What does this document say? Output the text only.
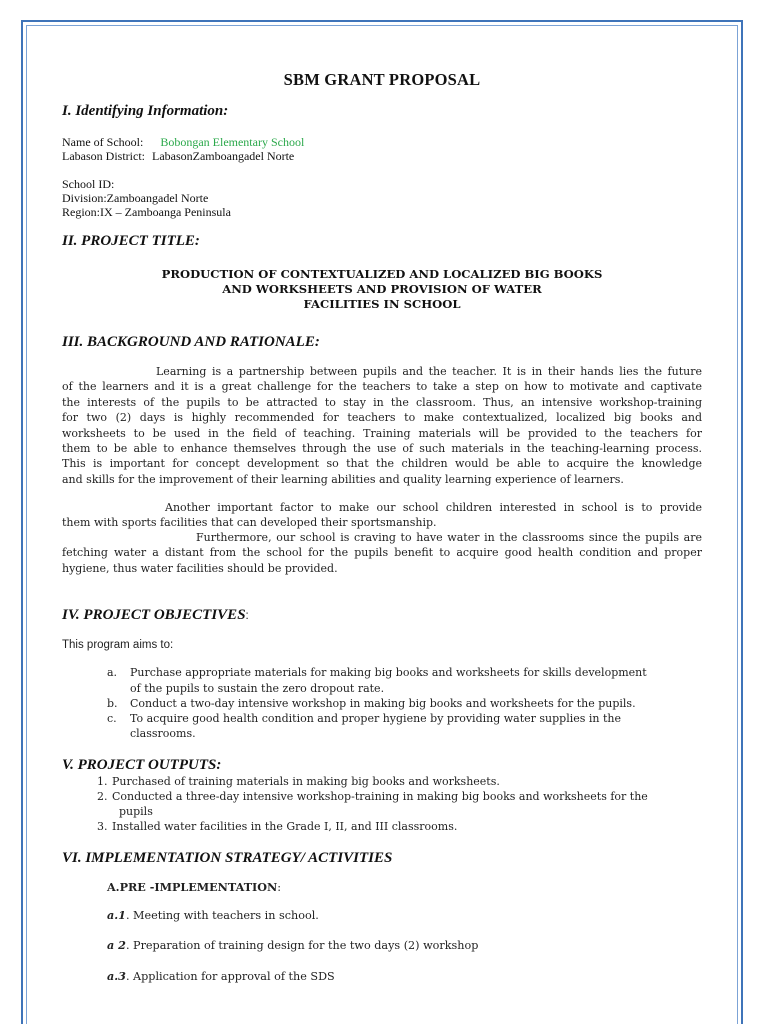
SBM GRANT PROPOSAL
I. Identifying Information:
Name of School: Bobongan Elementary School
Labason District: LabasonZamboangadel Norte
School ID:
Division:Zamboangadel Norte
Region:IX – Zamboanga Peninsula
II. PROJECT TITLE:
PRODUCTION OF CONTEXTUALIZED AND LOCALIZED BIG BOOKS
AND WORKSHEETS AND PROVISION OF WATER
FACILITIES IN SCHOOL
III. BACKGROUND AND RATIONALE:
Learning is a partnership between pupils and the teacher. It is in their hands lies the future
of the learners and it is a great challenge for the teachers to take a step on how to motivate and captivate
the interests of the pupils to be attracted to stay in the classroom. Thus, an intensive workshop-training
for two (2) days is highly recommended for teachers to make contextualized, localized big books and
worksheets to be used in the field of teaching. Training materials will be provided to the teachers for
them to be able to enhance themselves through the use of such materials in the teaching-learning process.
This is important for concept development so that the children would be able to acquire the knowledge
and skills for the improvement of their learning abilities and quality learning experience of learners.
Another important factor to make our school children interested in school is to provide
them with sports facilities that can developed their sportsmanship.
Furthermore, our school is craving to have water in the classrooms since the pupils are
fetching water a distant from the school for the pupils benefit to acquire good health condition and proper
hygiene, thus water facilities should be provided.
IV. PROJECT OBJECTIVES:
This program aims to:
a. Purchase appropriate materials for making big books and worksheets for skills development
of the pupils to sustain the zero dropout rate.
b. Conduct a two-day intensive workshop in making big books and worksheets for the pupils.
c. To acquire good health condition and proper hygiene by providing water supplies in the
classrooms.
V. PROJECT OUTPUTS:
1. Purchased of training materials in making big books and worksheets.
2. Conducted a three-day intensive workshop-training in making big books and worksheets for the
pupils
3. Installed water facilities in the Grade I, II, and III classrooms.
VI. IMPLEMENTATION STRATEGY/ ACTIVITIES
A.PRE -IMPLEMENTATION:
a.1. Meeting with teachers in school.
a 2. Preparation of training design for the two days (2) workshop
a.3. Application for approval of the SDS
